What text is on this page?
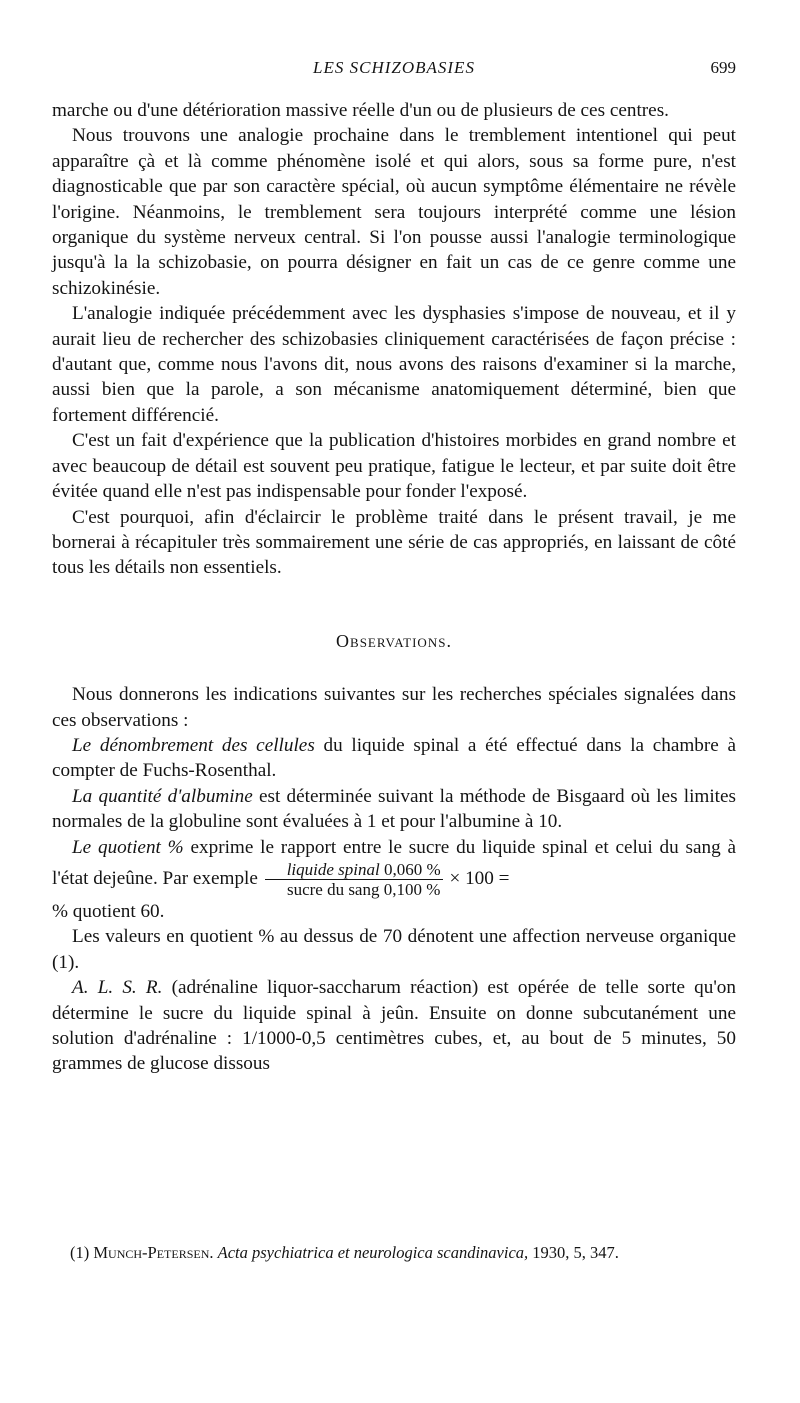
LES SCHIZOBASIES	699

marche ou d'une détérioration massive réelle d'un ou de plusieurs de ces centres.

Nous trouvons une analogie prochaine dans le tremblement intentionel qui peut apparaître çà et là comme phénomène isolé et qui alors, sous sa forme pure, n'est diagnosticable que par son caractère spécial, où aucun symptôme élémentaire ne révèle l'origine. Néanmoins, le tremblement sera toujours interprété comme une lésion organique du système nerveux central. Si l'on pousse aussi l'analogie terminologique jusqu'à la la schizobasie, on pourra désigner en fait un cas de ce genre comme une schizokinésie.

L'analogie indiquée précédemment avec les dysphasies s'impose de nouveau, et il y aurait lieu de rechercher des schizobasies cliniquement caractérisées de façon précise : d'autant que, comme nous l'avons dit, nous avons des raisons d'examiner si la marche, aussi bien que la parole, a son mécanisme anatomiquement déterminé, bien que fortement différencié.

C'est un fait d'expérience que la publication d'histoires morbides en grand nombre et avec beaucoup de détail est souvent peu pratique, fatigue le lecteur, et par suite doit être évitée quand elle n'est pas indispensable pour fonder l'exposé.

C'est pourquoi, afin d'éclaircir le problème traité dans le présent travail, je me bornerai à récapituler très sommairement une série de cas appropriés, en laissant de côté tous les détails non essentiels.

Observations.

Nous donnerons les indications suivantes sur les recherches spéciales signalées dans ces observations :

Le dénombrement des cellules du liquide spinal a été effectué dans la chambre à compter de Fuchs-Rosenthal.

La quantité d'albumine est déterminée suivant la méthode de Bisgaard où les limites normales de la globuline sont évaluées à 1 et pour l'albumine à 10.

Le quotient % exprime le rapport entre le sucre du liquide spinal et celui du sang à l'état dejeûne. Par exemple $\frac{\text{liquide spinal 0,060 \%}}{\text{sucre du sang 0,100 \%}} \times 100$ =

% quotient 60.

Les valeurs en quotient % au dessus de 70 dénotent une affection nerveuse organique (1).

A. L. S. R. (adrénaline liquor-saccharum réaction) est opérée de telle sorte qu'on détermine le sucre du liquide spinal à jeûn. Ensuite on donne subcutanément une solution d'adrénaline : 1/1000-0,5 centimètres cubes, et, au bout de 5 minutes, 50 grammes de glucose dissous

(1) Munch-Petersen. Acta psychiatrica et neurologica scandinavica, 1930, 5, 347.
